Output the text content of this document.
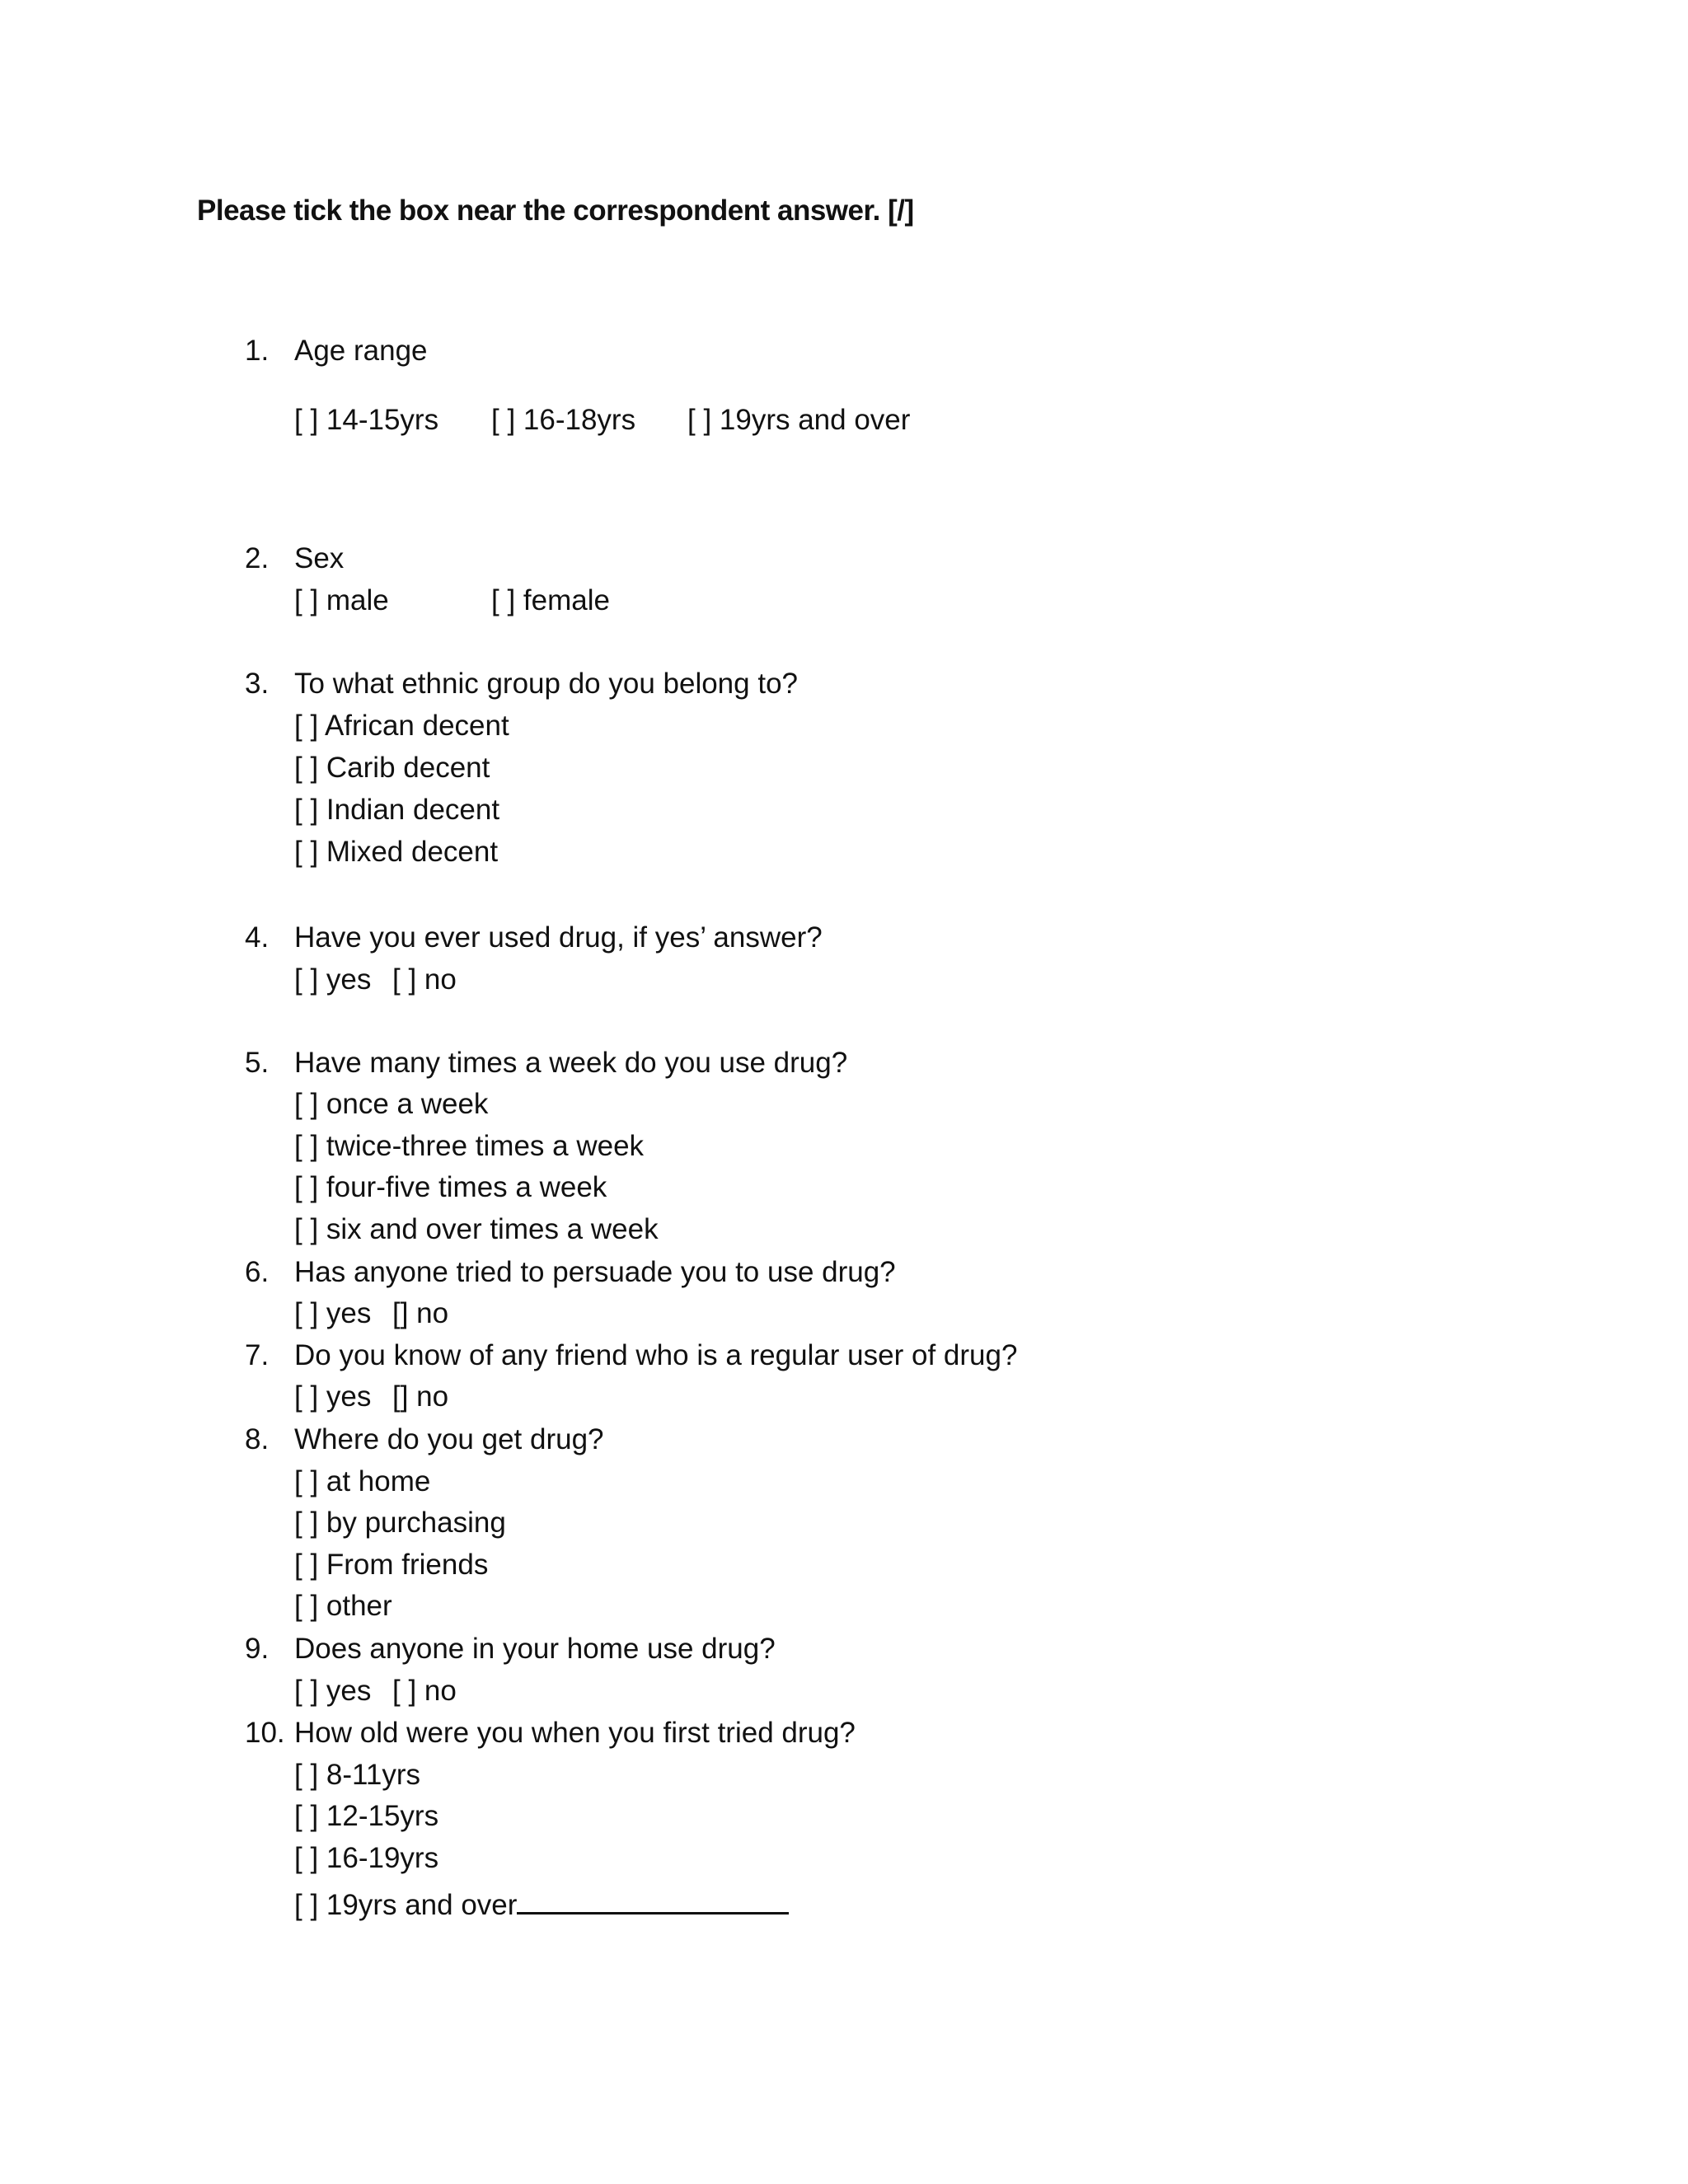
Please tick the box near the correspondent answer. [/]
1. Age range
[ ] 14-15yrs [ ] 16-18yrs [ ] 19yrs and over
2. Sex
[ ] male	[ ] female
3. To what ethnic group do you belong to?
[ ] African decent
[ ] Carib decent
[ ] Indian decent
[ ] Mixed decent
4. Have you ever used drug, if yes’ answer?
[ ] yes [ ] no
5. Have many times a week do you use drug?
[ ] once a week
[ ] twice-three times a week
[ ] four-five times a week
[ ] six and over times a week
6. Has anyone tried to persuade you to use drug?
[ ] yes [] no
7. Do you know of any friend who is a regular user of drug?
[ ] yes [] no
8. Where do you get drug?
[ ] at home
[ ] by purchasing
[ ] From friends
[ ] other
9. Does anyone in your home use drug?
[ ] yes [ ] no
10. How old were you when you first tried drug?
[ ] 8-11yrs
[ ] 12-15yrs
[ ] 16-19yrs
[ ] 19yrs and over
